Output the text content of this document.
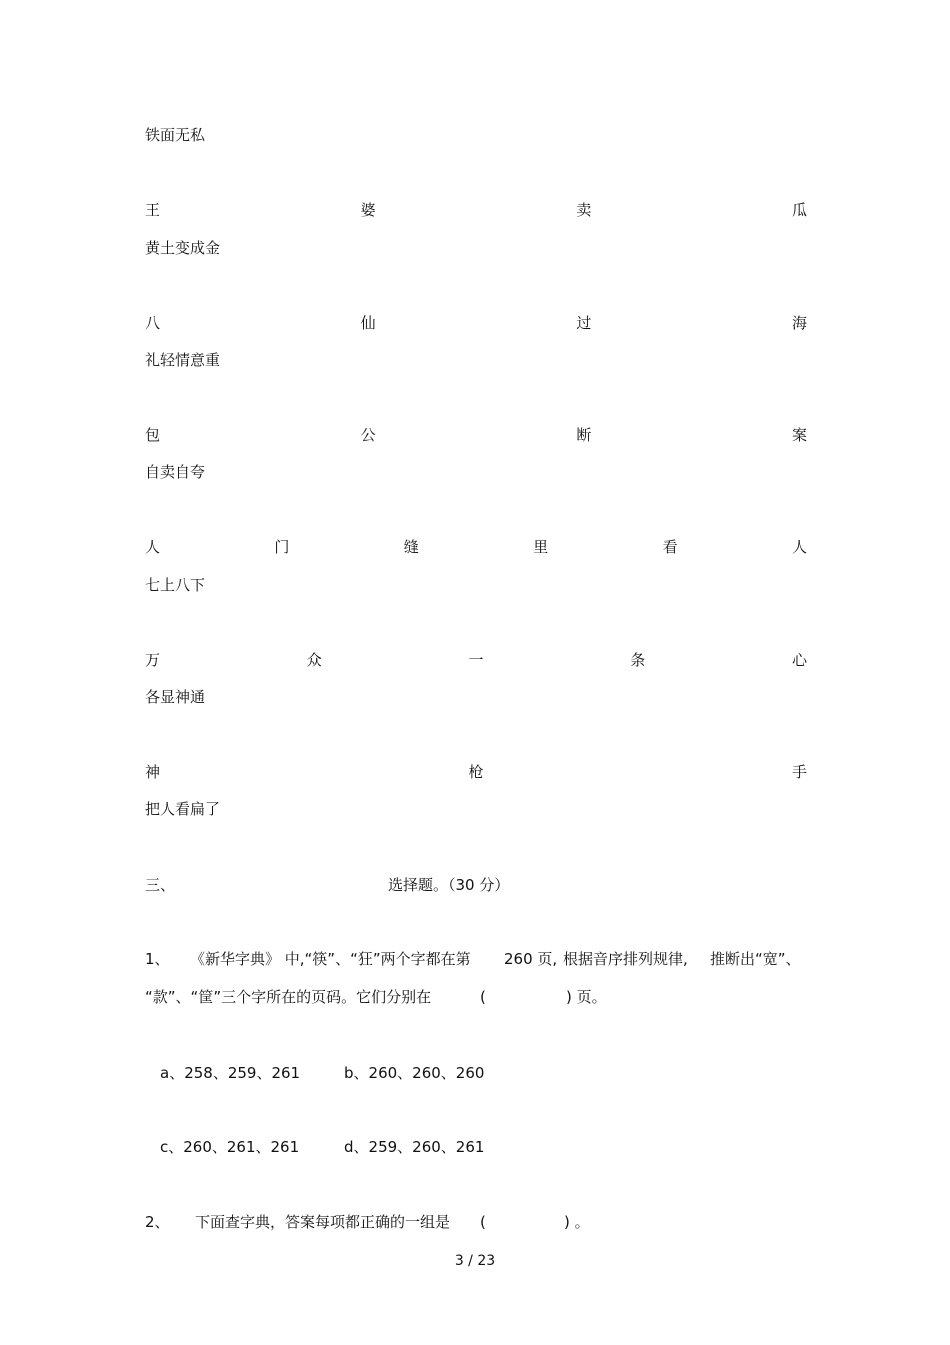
铁面无私
王	婆	卖	瓜
黄土变成金
八	仙	过	海
礼轻情意重
包	公	断	案
自卖自夸
人	门	缝	里	看	人
七上八下
万	众	一	条	心
各显神通
神	枪	手
把人看扁了
三、	选择题。（30 分）
1、 《新华字典》 中,“筷”、“狂”两个字都在第 260 页, 根据音序排列规律, 推断出“宽”、
“款”、“筐”三个字所在的页码。它们分别在	(	) 页。
a、258、259、261	b、260、260、260
c、260、261、261	d、259、260、261
2、 下面查字典，答案每项都正确的一组是 (	) 。
3 / 23
